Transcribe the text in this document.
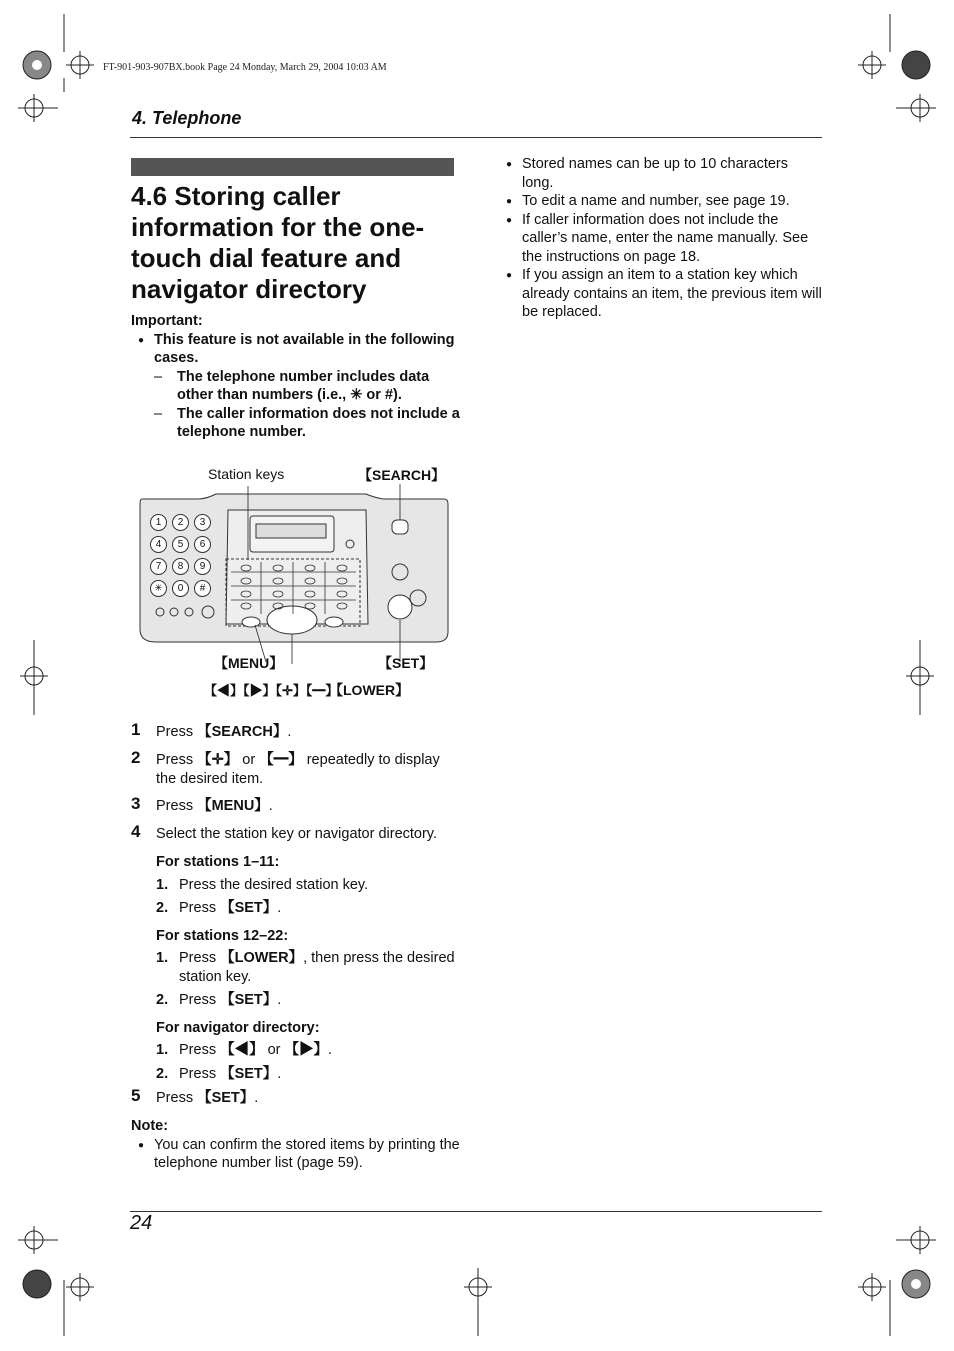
FT-901-903-907BX.book Page 24 Monday, March 29, 2004 10:03 AM
4. Telephone
4.6 Storing caller information for the one-touch dial feature and navigator directory
Important:
● This feature is not available in the following cases.
– The telephone number includes data other than numbers (i.e., ✳ or #).
– The caller information does not include a telephone number.
Station keys	【SEARCH】
1	2	3
4	5	6
7	8	9
✳	0	#
【MENU】	【SET】
【◀】【▶】【✛】【━】
【LOWER】
1 Press 【SEARCH】.
2 Press 【✛】 or 【━】 repeatedly to display the desired item.
3 Press 【MENU】.
4 Select the station key or navigator directory.
For stations 1–11:
1. Press the desired station key.
2. Press 【SET】.
For stations 12–22:
1. Press 【LOWER】, then press the desired station key.
2. Press 【SET】.
For navigator directory:
1. Press 【◀】 or 【▶】.
2. Press 【SET】.
5 Press 【SET】.
Note:
● You can confirm the stored items by printing the telephone number list (page 59).
● Stored names can be up to 10 characters long.
● To edit a name and number, see page 19.
● If caller information does not include the caller’s name, enter the name manually. See the instructions on page 18.
● If you assign an item to a station key which already contains an item, the previous item will be replaced.
24
